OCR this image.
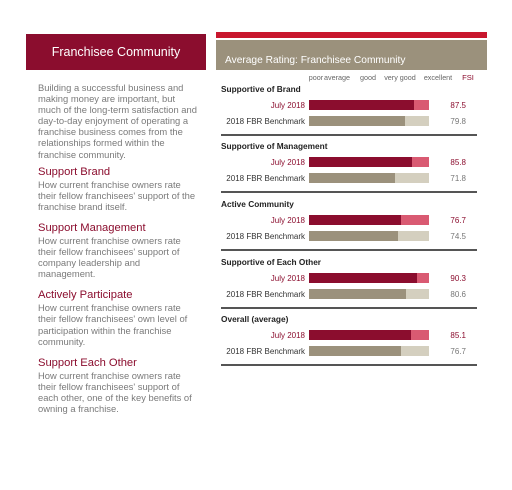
Franchisee Community

Building a successful business and making money are important, but much of the long-term satisfaction and day-to-day enjoyment of operating a franchise business comes from the relationships formed within the franchise community.

Support Brand

How current franchise owners rate their fellow franchisees' support of the franchise brand itself.

Support Management

How current franchise owners rate their fellow franchisees' support of company leadership and management.

Actively Participate

How current franchise owners rate their fellow franchisees' own level of participation within the franchise community.

Support Each Other

How current franchise owners rate their fellow franchisees' support of each other, one of the key benefits of owning a franchise.

Average Rating: Franchisee Community
poor average good very good excellent FSI
Supportive of Brand
July 2018	87.5
2018 FBR Benchmark	79.8
Supportive of Management
July 2018	85.8
2018 FBR Benchmark	71.8
Active Community
July 2018	76.7
2018 FBR Benchmark	74.5
Supportive of Each Other
July 2018	90.3
2018 FBR Benchmark	80.6
Overall (average)
July 2018	85.1
2018 FBR Benchmark	76.7
